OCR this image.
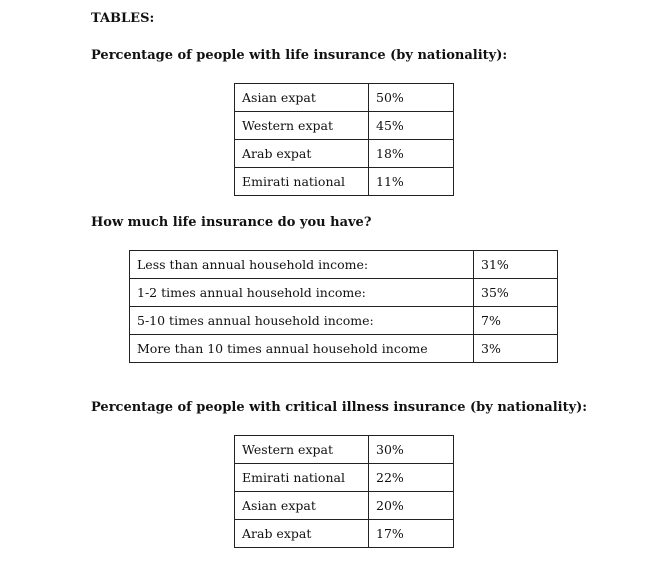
TABLES:
Percentage of people with life insurance (by nationality):
Asian expat	50%
Western expat	45%
Arab expat	18%
Emirati national	11%
How much life insurance do you have?
Less than annual household income:	31%
1-2 times annual household income:	35%
5-10 times annual household income:	7%
More than 10 times annual household income	3%
Percentage of people with critical illness insurance (by nationality):
Western expat	30%
Emirati national	22%
Asian expat	20%
Arab expat	17%
